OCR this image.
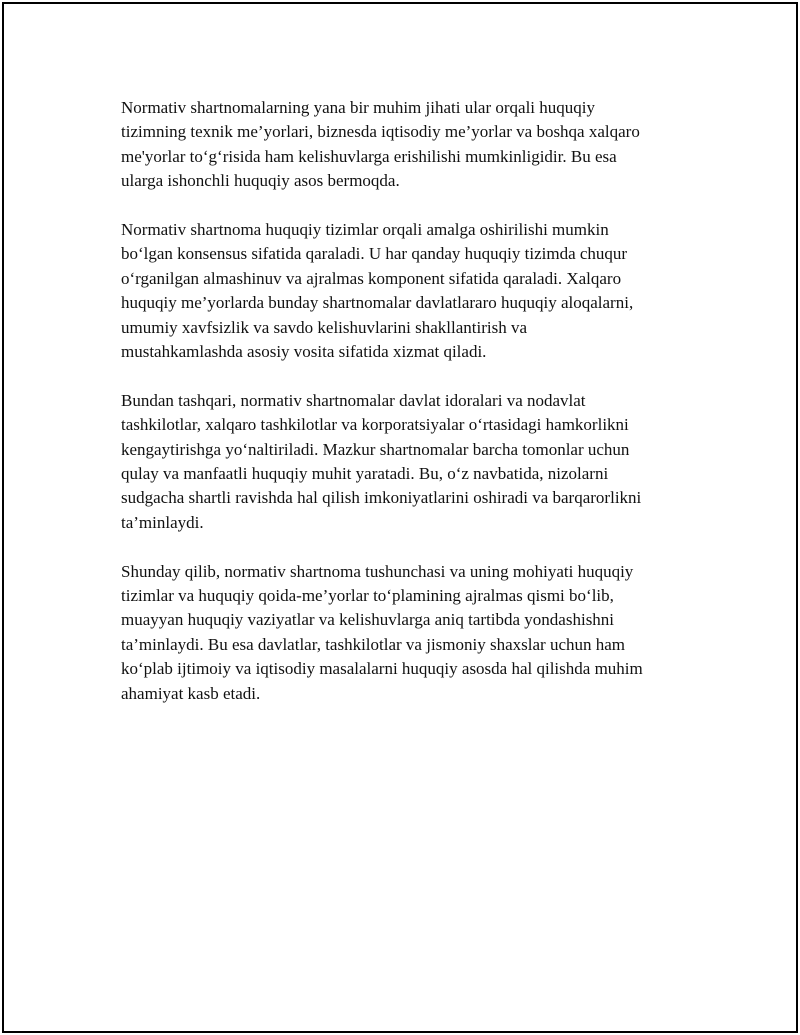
Normativ shartnomalarning yana bir muhim jihati ular orqali huquqiy
tizimning texnik me’yorlari, biznesda iqtisodiy me’yorlar va boshqa xalqaro
me'yorlar to‘g‘risida ham kelishuvlarga erishilishi mumkinligidir. Bu esa
ularga ishonchli huquqiy asos bermoqda.

Normativ shartnoma huquqiy tizimlar orqali amalga oshirilishi mumkin
bo‘lgan konsensus sifatida qaraladi. U har qanday huquqiy tizimda chuqur
o‘rganilgan almashinuv va ajralmas komponent sifatida qaraladi. Xalqaro
huquqiy me’yorlarda bunday shartnomalar davlatlararo huquqiy aloqalarni,
umumiy xavfsizlik va savdo kelishuvlarini shakllantirish va
mustahkamlashda asosiy vosita sifatida xizmat qiladi.

Bundan tashqari, normativ shartnomalar davlat idoralari va nodavlat
tashkilotlar, xalqaro tashkilotlar va korporatsiyalar o‘rtasidagi hamkorlikni
kengaytirishga yo‘naltiriladi. Mazkur shartnomalar barcha tomonlar uchun
qulay va manfaatli huquqiy muhit yaratadi. Bu, o‘z navbatida, nizolarni
sudgacha shartli ravishda hal qilish imkoniyatlarini oshiradi va barqarorlikni
ta’minlaydi.

Shunday qilib, normativ shartnoma tushunchasi va uning mohiyati huquqiy
tizimlar va huquqiy qoida-me’yorlar to‘plamining ajralmas qismi bo‘lib,
muayyan huquqiy vaziyatlar va kelishuvlarga aniq tartibda yondashishni
ta’minlaydi. Bu esa davlatlar, tashkilotlar va jismoniy shaxslar uchun ham
ko‘plab ijtimoiy va iqtisodiy masalalarni huquqiy asosda hal qilishda muhim
ahamiyat kasb etadi.
